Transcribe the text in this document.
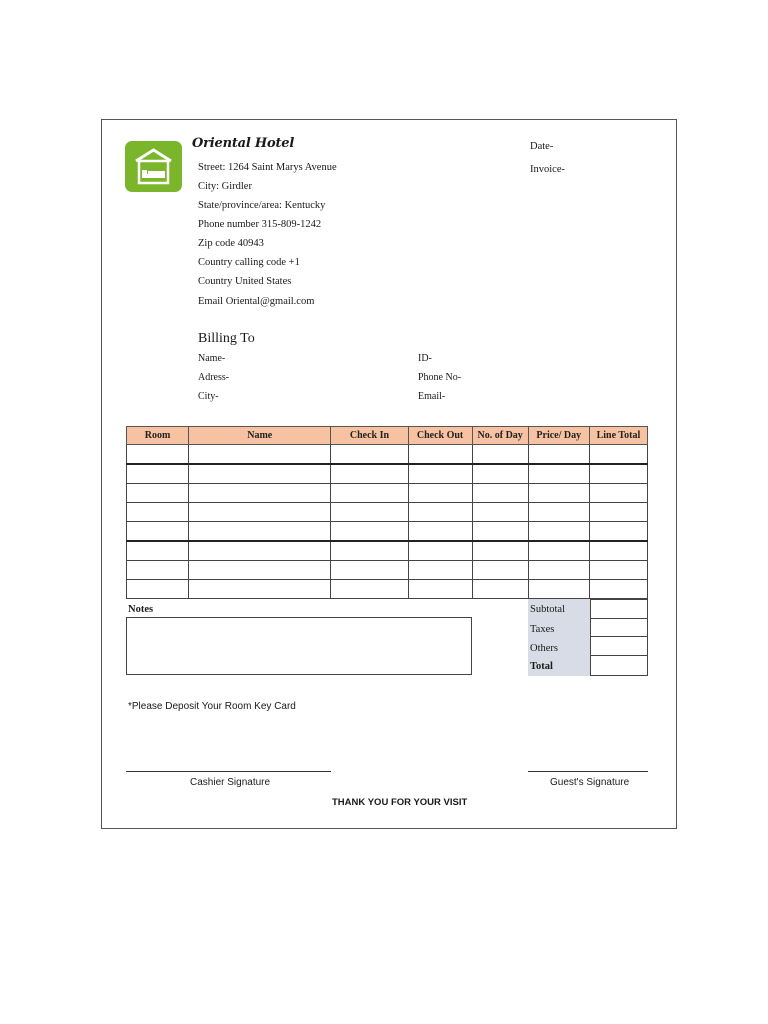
Oriental Hotel
Street: 1264 Saint Marys Avenue
City: Girdler
State/province/area: Kentucky
Phone number 315-809-1242
Zip code 40943
Country calling code +1
Country United States
Email Oriental@gmail.com
Date-
Invoice-
Billing To
Name-
Adress-
City-
ID-
Phone No-
Email-
Room	Name	Check In	Check Out	No. of Day	Price/ Day	Line Total

Notes	Subtotal
Taxes
Others
Total
*Please Deposit Your Room Key Card
Cashier Signature	Guest's Signature
THANK YOU FOR YOUR VISIT
